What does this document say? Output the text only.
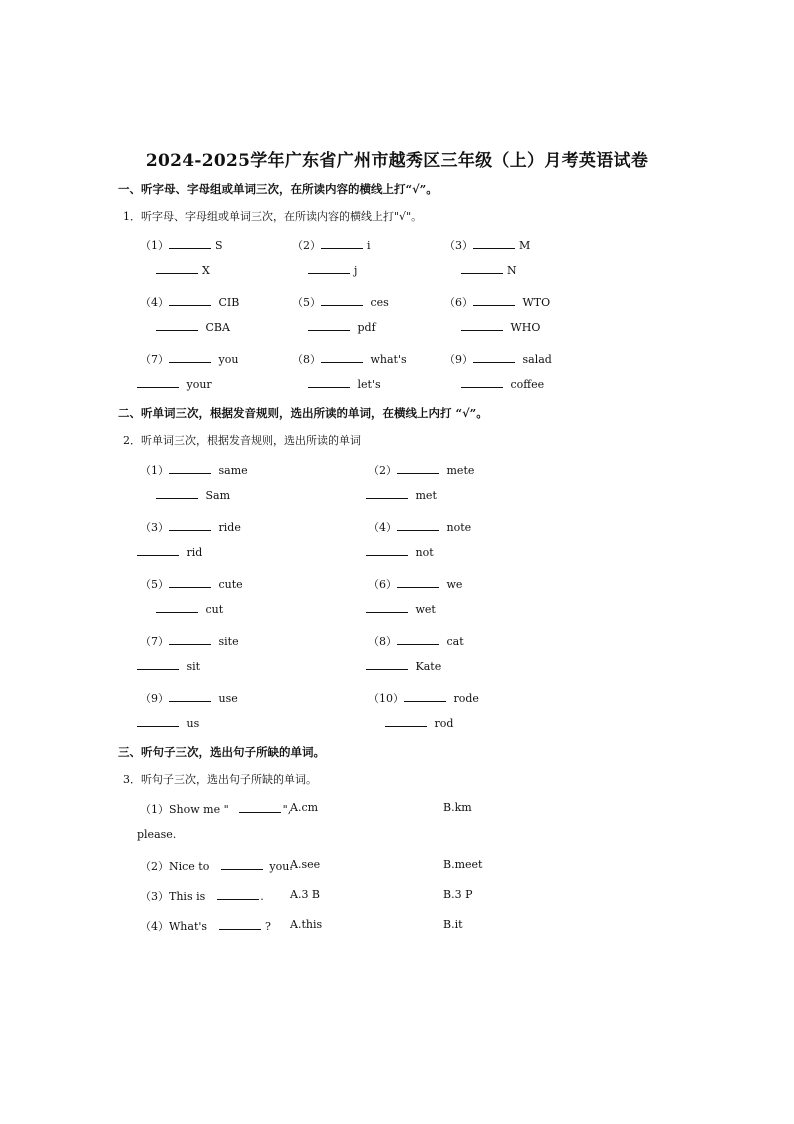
2024-2025学年广东省广州市越秀区三年级（上）月考英语试卷
一、听字母、字母组或单词三次，在所读内容的横线上打“√”。
1．听字母、字母组或单词三次，在所读内容的横线上打"√"。
（1）	S
X
（2）	i
j
（3）	M
N
（4）	CIB
CBA
（5）	ces
pdf
（6）	WTO
WHO
（7）	you
your
（8）	what's
let's
（9）	salad
coffee
二、听单词三次，根据发音规则，选出所读的单词，在横线上内打 “√”。
2．听单词三次，根据发音规则，选出所读的单词
（1）	same
Sam
（2）	mete
met
（3）	ride
rid
（4）	note
not
（5）	cute
cut
（6）	we
wet
（7）	site
sit
（8）	cat
Kate
（9）	use
us
（10）	rode
rod
三、听句子三次，选出句子所缺的单词。
3．听句子三次，选出句子所缺的单词。
（1）Show me "	",
A.cm	B.km
please.
（2）Nice to	you.
A.see	B.meet
（3）This is	. A.3 B	B.3 P
（4）What's	? A.this	B.it
